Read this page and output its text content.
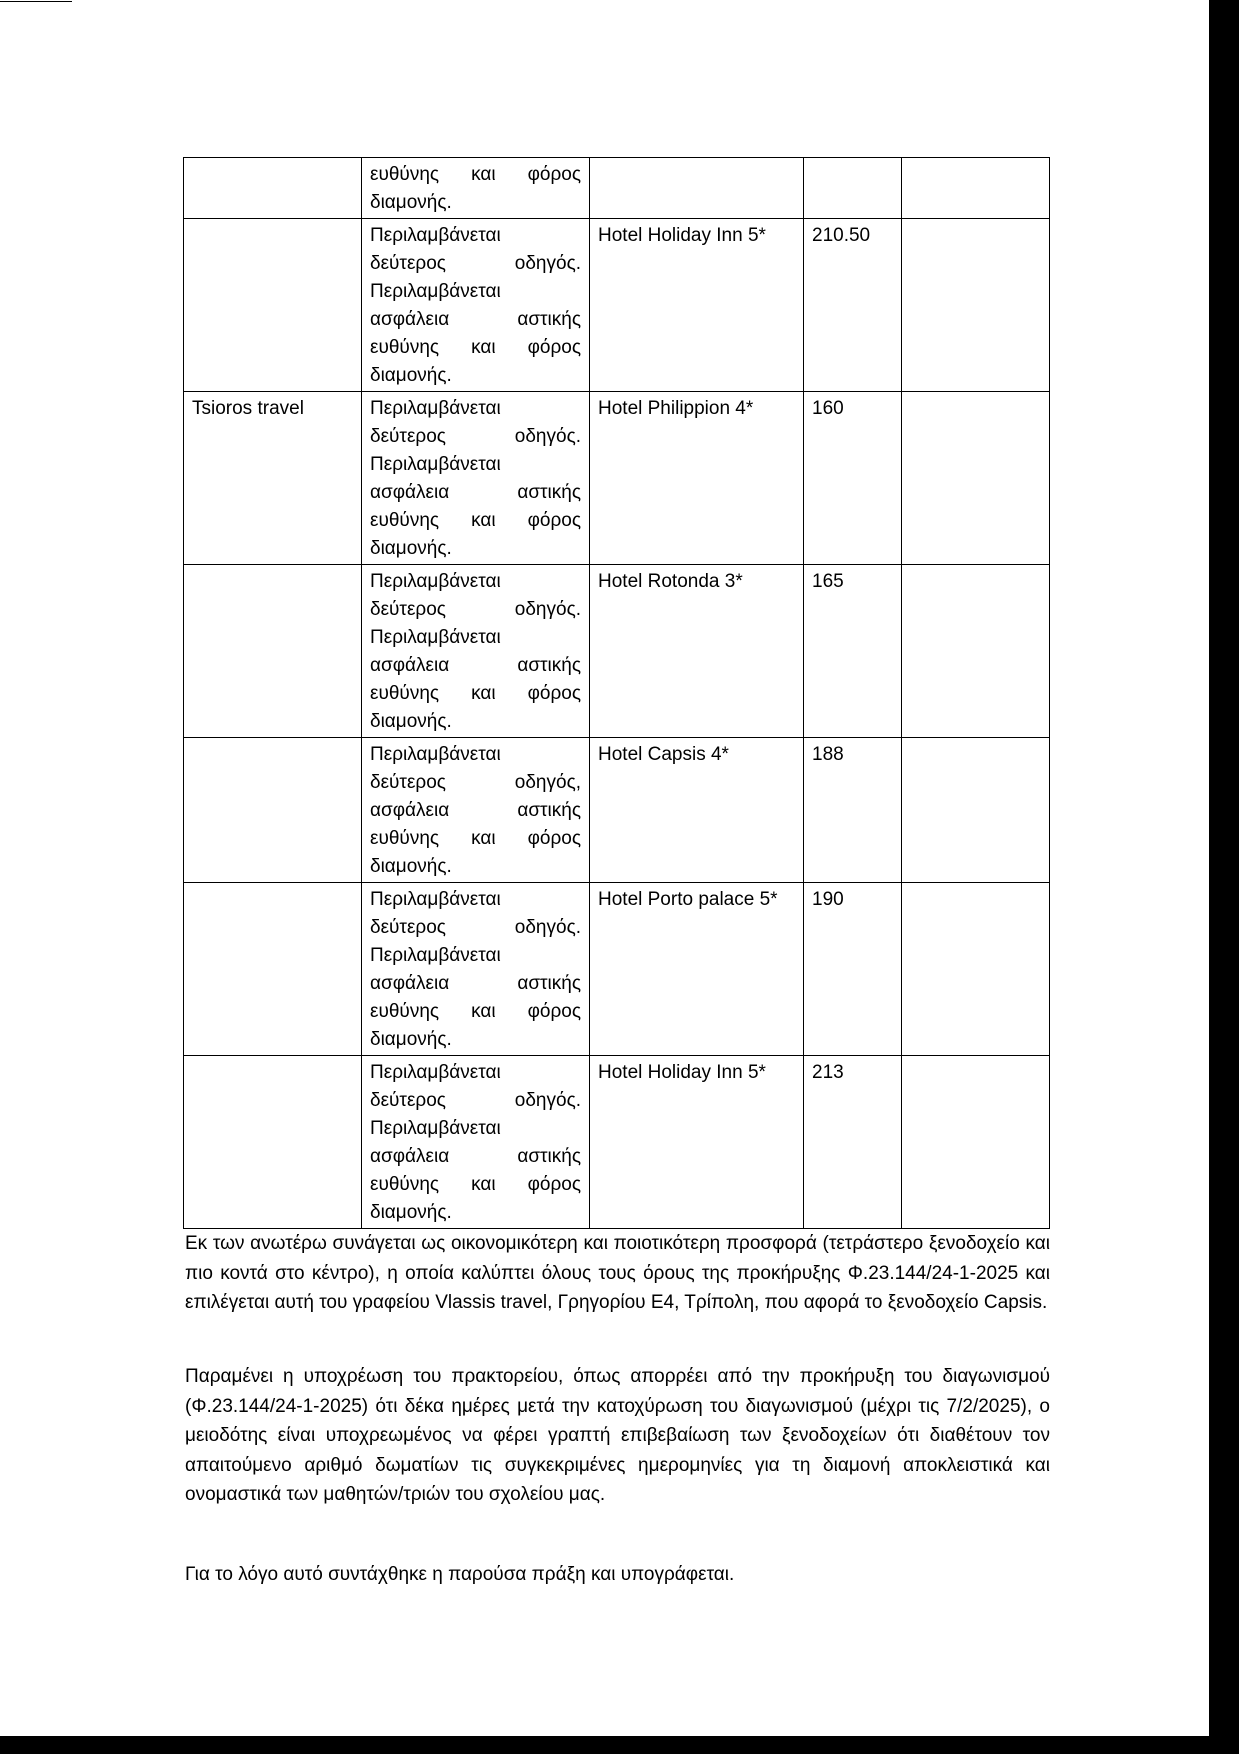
	ευθύνης και φόρος διαμονής.			
	Περιλαμβάνεται δεύτερος οδηγός. Περιλαμβάνεται ασφάλεια αστικής ευθύνης και φόρος διαμονής.	Hotel Holiday Inn 5*	210.50	
Tsioros travel	Περιλαμβάνεται δεύτερος οδηγός. Περιλαμβάνεται ασφάλεια αστικής ευθύνης και φόρος διαμονής.	Hotel Philippion 4*	160	
	Περιλαμβάνεται δεύτερος οδηγός. Περιλαμβάνεται ασφάλεια αστικής ευθύνης και φόρος διαμονής.	Hotel Rotonda 3*	165	
	Περιλαμβάνεται δεύτερος οδηγός, ασφάλεια αστικής ευθύνης και φόρος διαμονής.	Hotel Capsis 4*	188	
	Περιλαμβάνεται δεύτερος οδηγός. Περιλαμβάνεται ασφάλεια αστικής ευθύνης και φόρος διαμονής.	Hotel Porto palace 5*	190	
	Περιλαμβάνεται δεύτερος οδηγός. Περιλαμβάνεται ασφάλεια αστικής ευθύνης και φόρος διαμονής.	Hotel Holiday Inn 5*	213	

Εκ των ανωτέρω συνάγεται ως οικονομικότερη και ποιοτικότερη προσφορά (τετράστερο ξενοδοχείο και πιο κοντά στο κέντρο), η οποία καλύπτει όλους τους όρους της προκήρυξης Φ.23.144/24-1-2025 και επιλέγεται αυτή του γραφείου Vlassis travel, Γρηγορίου Ε4, Τρίπολη, που αφορά το ξενοδοχείο Capsis.

Παραμένει η υποχρέωση του πρακτορείου, όπως απορρέει από την προκήρυξη του διαγωνισμού (Φ.23.144/24-1-2025) ότι δέκα ημέρες μετά την κατοχύρωση του διαγωνισμού (μέχρι τις 7/2/2025), ο μειοδότης είναι υποχρεωμένος να φέρει γραπτή επιβεβαίωση των ξενοδοχείων ότι διαθέτουν τον απαιτούμενο αριθμό δωματίων τις συγκεκριμένες ημερομηνίες για τη διαμονή αποκλειστικά και ονομαστικά των μαθητών/τριών του σχολείου μας.

Για το λόγο αυτό συντάχθηκε η παρούσα πράξη και υπογράφεται.
